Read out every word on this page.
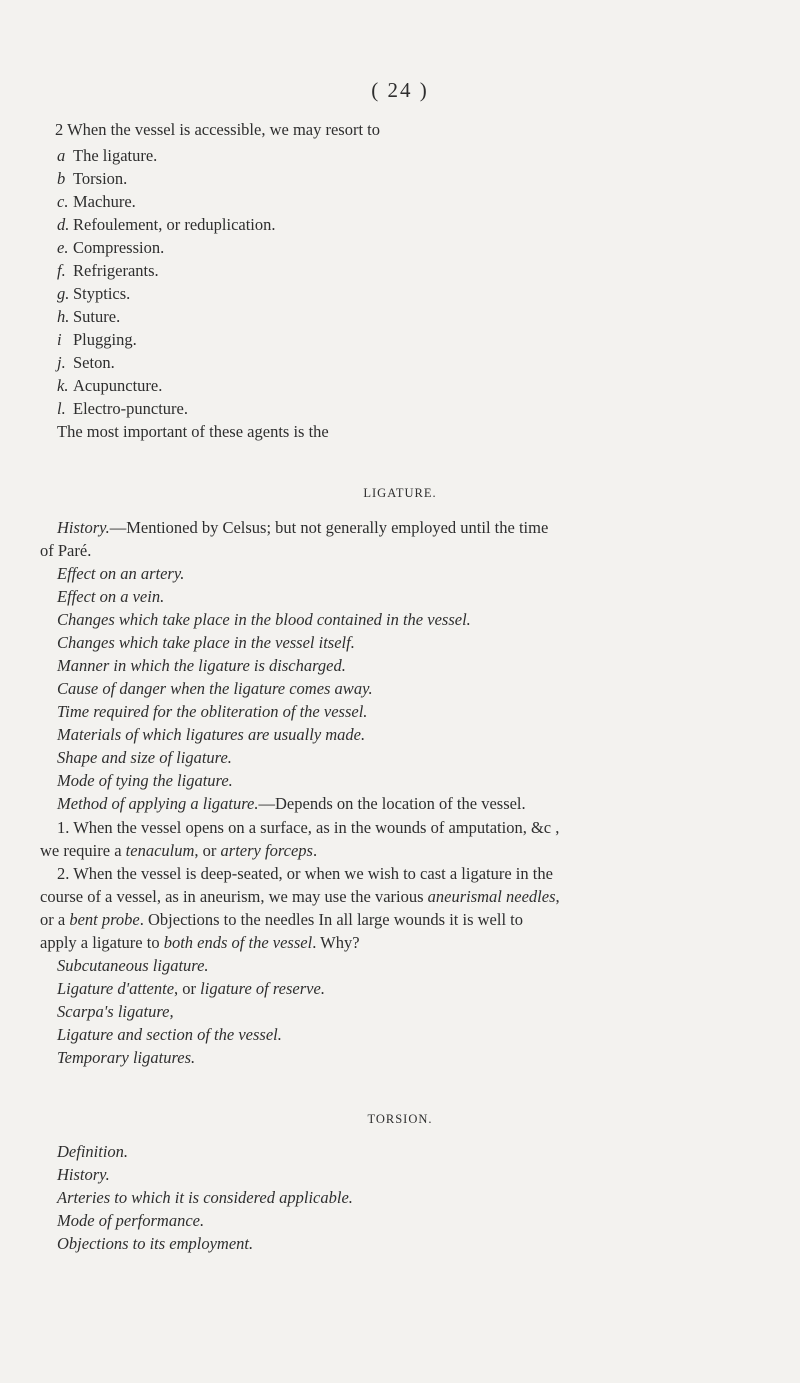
( 24 )
2 When the vessel is accessible, we may resort to
a The ligature.
b Torsion.
c. Machure.
d. Refoulement, or reduplication.
e. Compression.
f. Refrigerants.
g. Styptics.
h. Suture.
i Plugging.
j. Seton.
k. Acupuncture.
l. Electro-puncture.
The most important of these agents is the
LIGATURE.
History.—Mentioned by Celsus; but not generally employed until the time
of Paré.
Effect on an artery.
Effect on a vein.
Changes which take place in the blood contained in the vessel.
Changes which take place in the vessel itself.
Manner in which the ligature is discharged.
Cause of danger when the ligature comes away.
Time required for the obliteration of the vessel.
Materials of which ligatures are usually made.
Shape and size of ligature.
Mode of tying the ligature.
Method of applying a ligature.—Depends on the location of the vessel.
1. When the vessel opens on a surface, as in the wounds of amputation, &c ,
we require a tenaculum, or artery forceps.
2. When the vessel is deep-seated, or when we wish to cast a ligature in the
course of a vessel, as in aneurism, we may use the various aneurismal needles,
or a bent probe. Objections to the needles In all large wounds it is well to
apply a ligature to both ends of the vessel. Why?
Subcutaneous ligature.
Ligature d'attente, or ligature of reserve.
Scarpa's ligature,
Ligature and section of the vessel.
Temporary ligatures.
TORSION.
Definition.
History.
Arteries to which it is considered applicable.
Mode of performance.
Objections to its employment.
